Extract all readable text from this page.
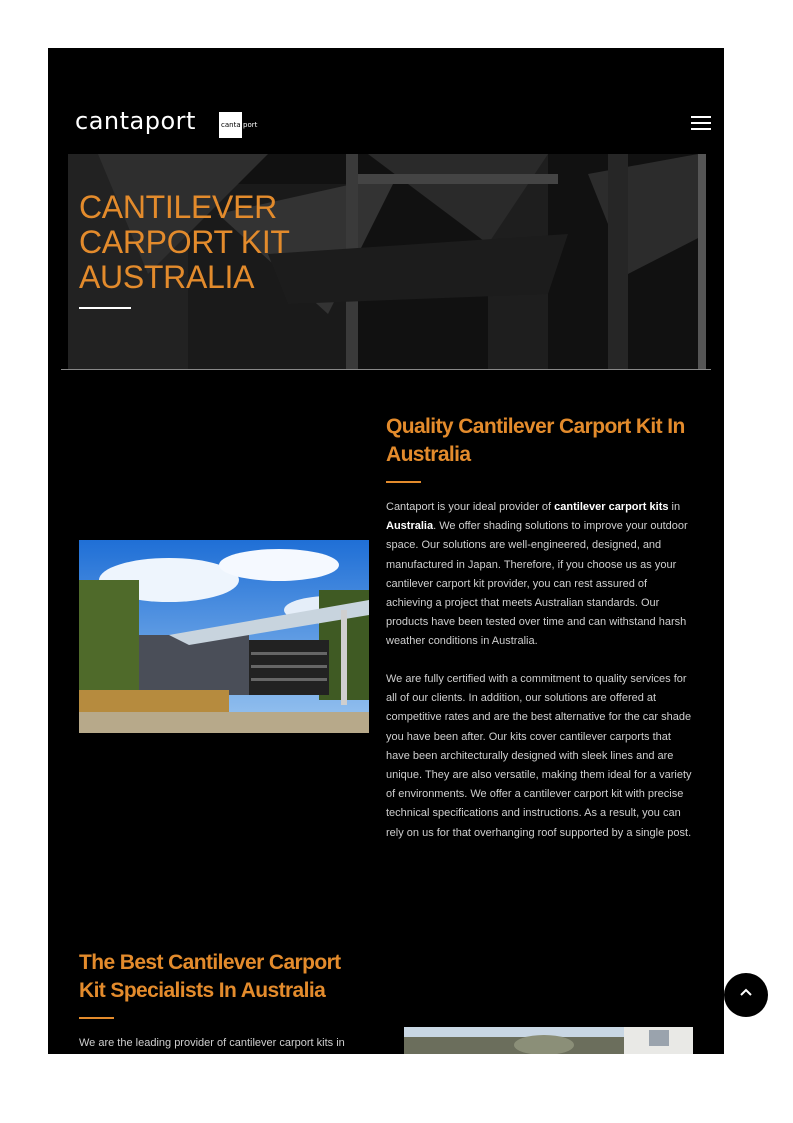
cantaport	canta port
CANTILEVER
CARPORT KIT
AUSTRALIA
Quality Cantilever Carport Kit In Australia

Cantaport is your ideal provider of cantilever carport kits in Australia. We offer shading solutions to improve your outdoor space. Our solutions are well-engineered, designed, and manufactured in Japan. Therefore, if you choose us as your cantilever carport kit provider, you can rest assured of achieving a project that meets Australian standards. Our products have been tested over time and can withstand harsh weather conditions in Australia.

We are fully certified with a commitment to quality services for all of our clients. In addition, our solutions are offered at competitive rates and are the best alternative for the car shade you have been after. Our kits cover cantilever carports that have been architecturally designed with sleek lines and are unique. They are also versatile, making them ideal for a variety of environments. We offer a cantilever carport kit with precise technical specifications and instructions. As a result, you can rely on us for that overhanging roof supported by a single post.

The Best Cantilever Carport Kit Specialists In Australia

We are the leading provider of cantilever carport kits in
